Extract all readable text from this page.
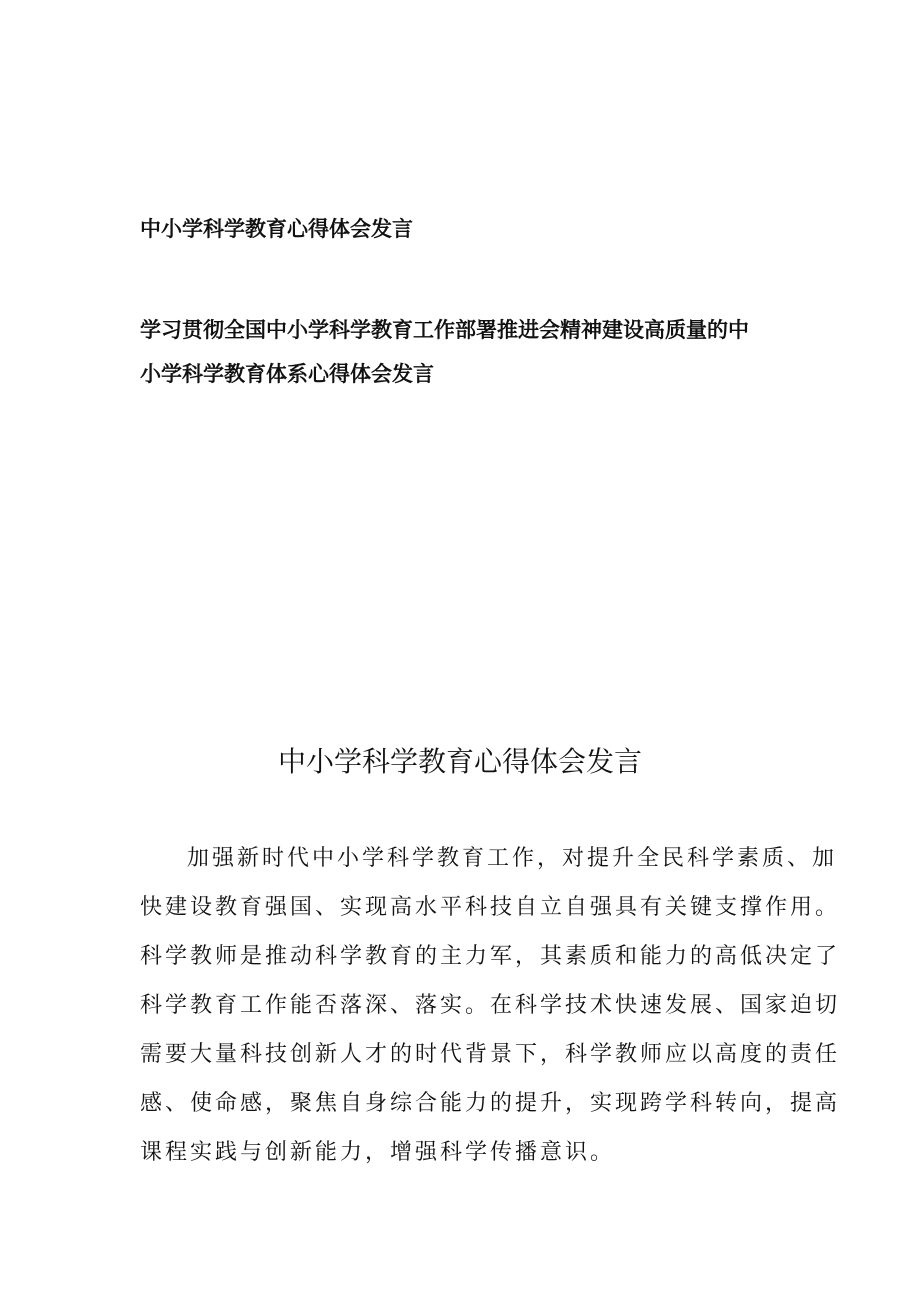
中小学科学教育心得体会发言
学习贯彻全国中小学科学教育工作部署推进会精神建设高质量的中
小学科学教育体系心得体会发言
中小学科学教育心得体会发言
加强新时代中小学科学教育工作，对提升全民科学素质、加
快建设教育强国、实现高水平科技自立自强具有关键支撑作用。
科学教师是推动科学教育的主力军，其素质和能力的高低决定了
科学教育工作能否落深、落实。在科学技术快速发展、国家迫切
需要大量科技创新人才的时代背景下，科学教师应以高度的责任
感、使命感，聚焦自身综合能力的提升，实现跨学科转向，提高
课程实践与创新能力，增强科学传播意识。
